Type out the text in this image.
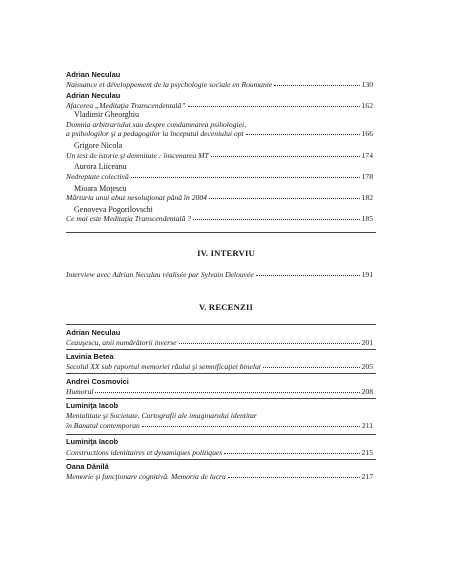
Adrian Neculau
Naissance et développement de la psychologie sociale en Roumanie	130
Adrian Neculau
Afacerea „Meditaţia Transcendentală”	162
Vladimir Gheorghiu
Domnia arbitrariului sau despre condamnarea psihologiei,
a psihologilor şi a pedagogilor la începutul deceniului opt	166
Grigore Nicola
Un test de istorie şi demnitate : înscenarea MT	174
Aurora Liiceanu
Nedreptate colectivă	178
Mioara Moţescu
Mărturia unui abuz nesoluţionat până în 2004	182
Genoveva Pogorilovschi
Ce mai este Meditaţia Transcendentală ?	185
IV. INTERVIU
Interview avec Adrian Neculau réalisée par Sylvain Delouvée	191
V. RECENZII
Adrian Neculau
Ceauşescu, anii numărătorii inverse	201
Lavinia Betea
Secolul XX sub raportul memoriei răului şi semnificaţiei binelui	205
Andrei Cosmovici
Humorul	208
Luminiţa Iacob
Mentalitate şi Societate. Cartografii ale imaginarului identitar
în Banatul contemporan	211
Luminiţa Iacob
Constructions identitaires et dynamiques politiques	215
Oana Dănilă
Memorie şi funcţionare cognitivă. Memoria de lucru	217
